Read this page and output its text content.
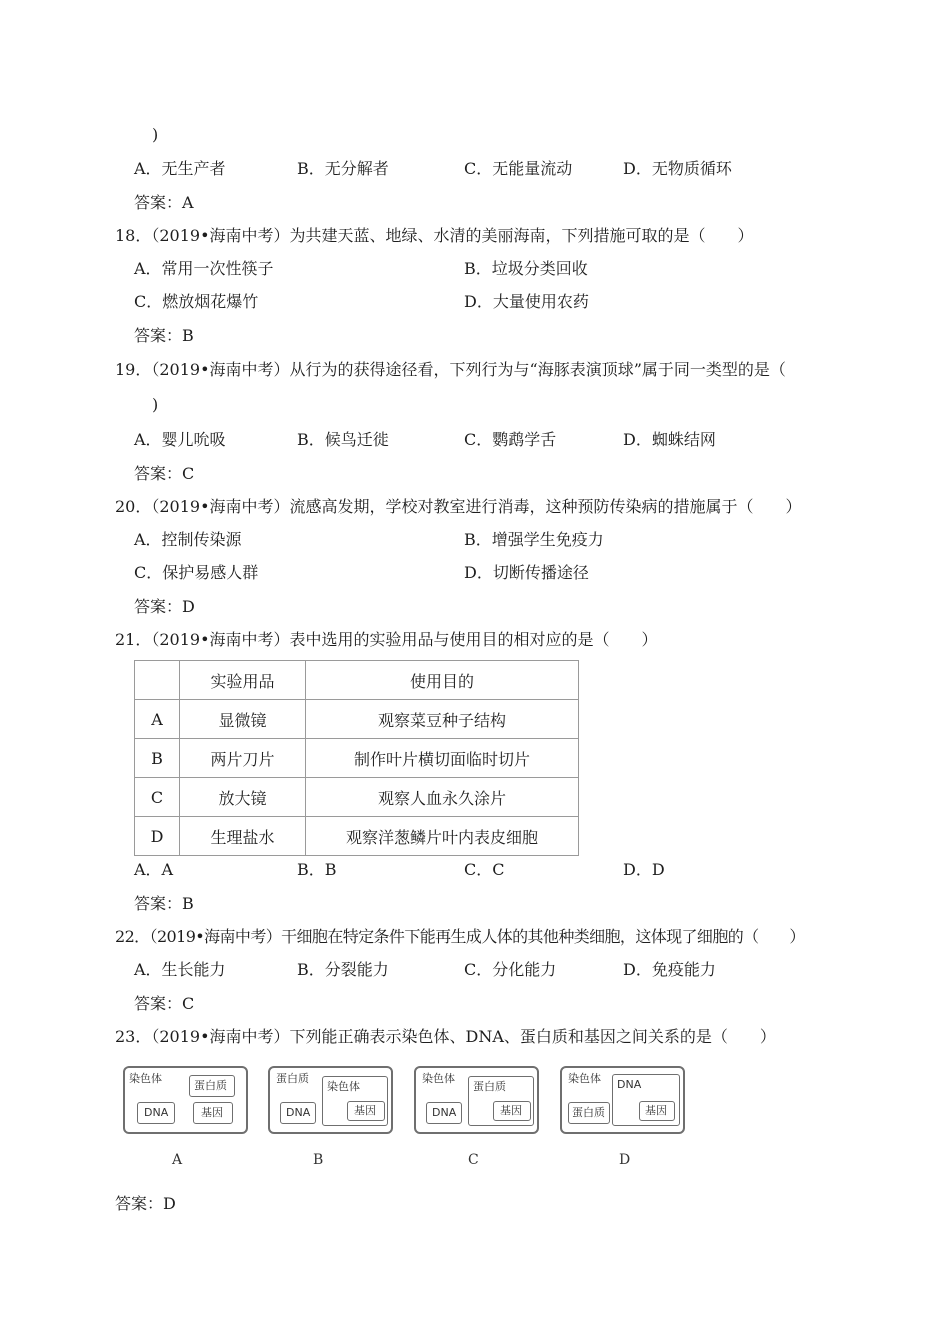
)
A．无生产者	B．无分解者	C．无能量流动	D．无物质循环
答案：A
18．（2019•海南中考）为共建天蓝、地绿、水清的美丽海南，下列措施可取的是（　　）
A．常用一次性筷子	B．垃圾分类回收
C．燃放烟花爆竹	D．大量使用农药
答案：B
19．（2019•海南中考）从行为的获得途径看，下列行为与“海豚表演顶球”属于同一类型的是（
)
A．婴儿吮吸	B．候鸟迁徙	C．鹦鹉学舌	D．蜘蛛结网
答案：C
20．（2019•海南中考）流感高发期，学校对教室进行消毒，这种预防传染病的措施属于（　　）
A．控制传染源	B．增强学生免疫力
C．保护易感人群	D．切断传播途径
答案：D
21．（2019•海南中考）表中选用的实验用品与使用目的相对应的是（　　）
	实验用品	使用目的
A	显微镜	观察菜豆种子结构
B	两片刀片	制作叶片横切面临时切片
C	放大镜	观察人血永久涂片
D	生理盐水	观察洋葱鳞片叶内表皮细胞
A．A	B．B	C．C	D．D
答案：B
22．（2019•海南中考）干细胞在特定条件下能再生成人体的其他种类细胞，这体现了细胞的（　　）
A．生长能力	B．分裂能力	C．分化能力	D．免疫能力
答案：C
23．（2019•海南中考）下列能正确表示染色体、DNA、蛋白质和基因之间关系的是（　　）
染色体
蛋白质
DNA	基因
A
蛋白质
染色体
基因
DNA
B
染色体
蛋白质
基因
DNA
C
染色体 DNA
基因
蛋白质
D
答案：D
